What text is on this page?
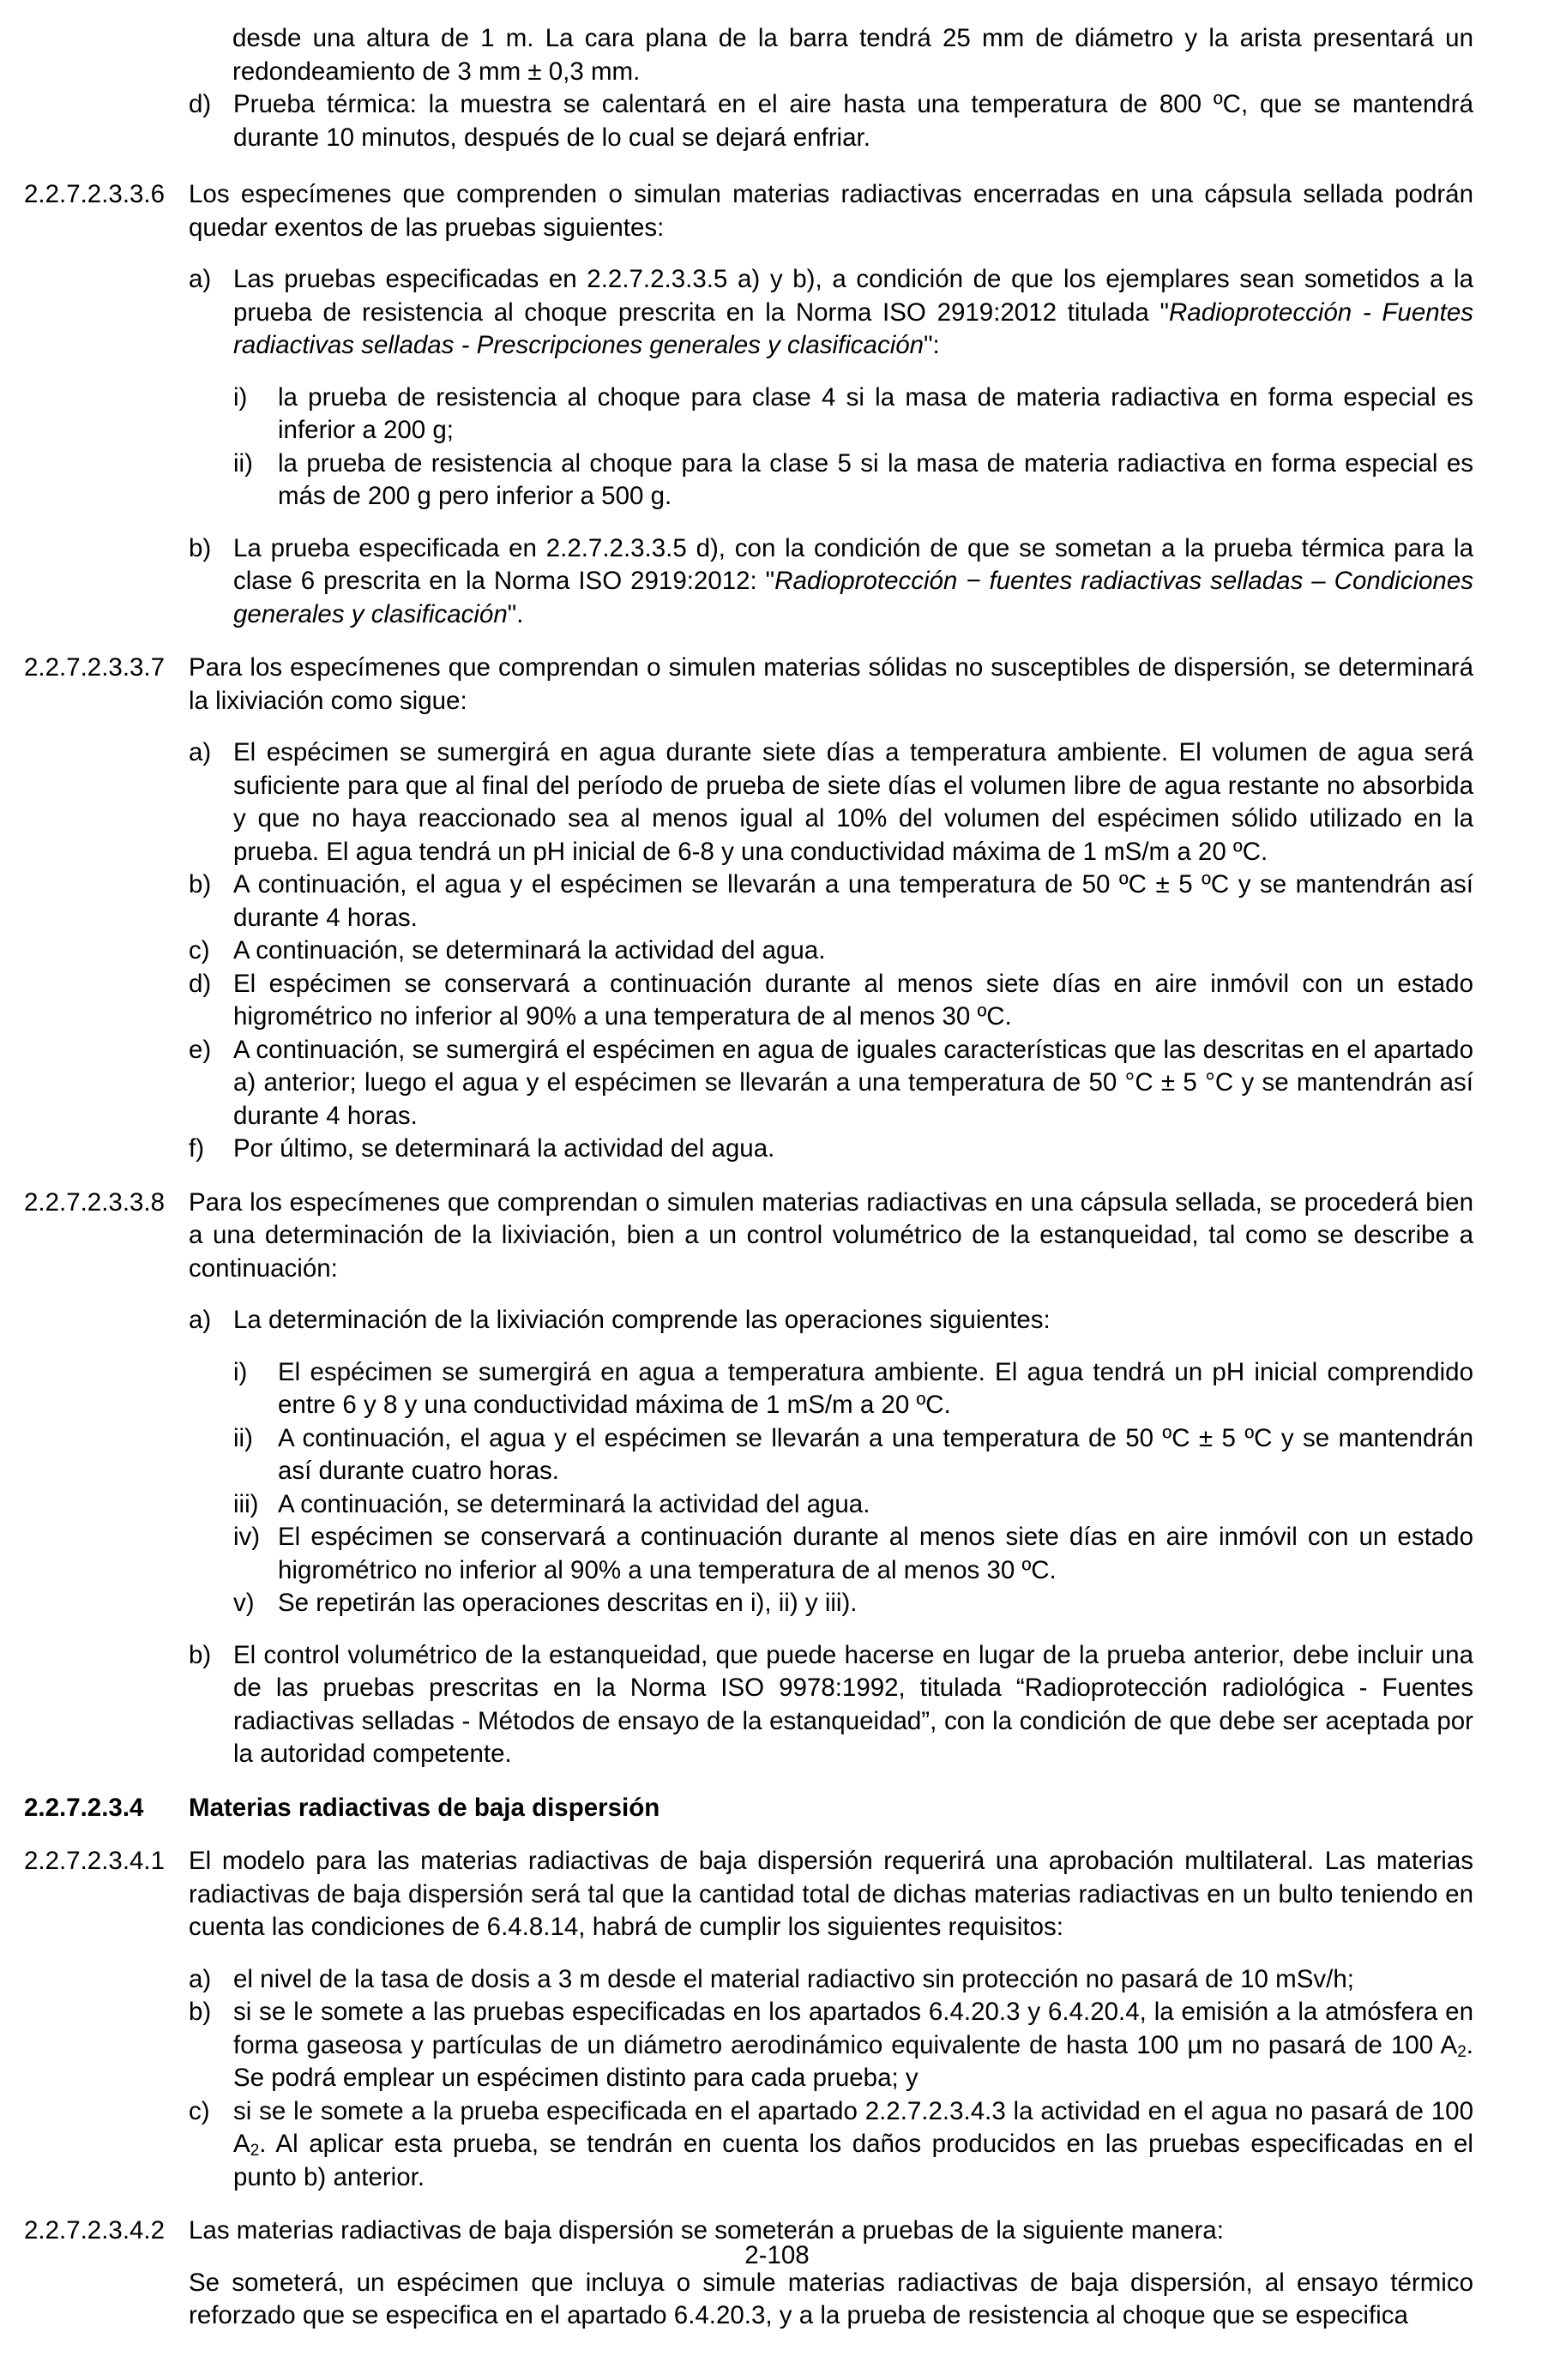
desde una altura de 1 m. La cara plana de la barra tendrá 25 mm de diámetro y la arista presentará un redondeamiento de 3 mm ± 0,3 mm.
d) Prueba térmica: la muestra se calentará en el aire hasta una temperatura de 800 ºC, que se mantendrá durante 10 minutos, después de lo cual se dejará enfriar.
2.2.7.2.3.3.6 Los especímenes que comprenden o simulan materias radiactivas encerradas en una cápsula sellada podrán quedar exentos de las pruebas siguientes:
a) Las pruebas especificadas en 2.2.7.2.3.3.5 a) y b), a condición de que los ejemplares sean sometidos a la prueba de resistencia al choque prescrita en la Norma ISO 2919:2012 titulada "Radioprotección - Fuentes radiactivas selladas - Prescripciones generales y clasificación":
i)	la prueba de resistencia al choque para clase 4 si la masa de materia radiactiva en forma especial es inferior a 200 g;
ii) la prueba de resistencia al choque para la clase 5 si la masa de materia radiactiva en forma especial es más de 200 g pero inferior a 500 g.
b) La prueba especificada en 2.2.7.2.3.3.5 d), con la condición de que se sometan a la prueba térmica para la clase 6 prescrita en la Norma ISO 2919:2012: "Radioprotección − fuentes radiactivas selladas – Condiciones generales y clasificación".
2.2.7.2.3.3.7 Para los especímenes que comprendan o simulen materias sólidas no susceptibles de dispersión, se determinará la lixiviación como sigue:
a) El espécimen se sumergirá en agua durante siete días a temperatura ambiente. El volumen de agua será suficiente para que al final del período de prueba de siete días el volumen libre de agua restante no absorbida y que no haya reaccionado sea al menos igual al 10% del volumen del espécimen sólido utilizado en la prueba. El agua tendrá un pH inicial de 6-8 y una conductividad máxima de 1 mS/m a 20 ºC.
b) A continuación, el agua y el espécimen se llevarán a una temperatura de 50 ºC ± 5 ºC y se mantendrán así durante 4 horas.
c) A continuación, se determinará la actividad del agua.
d) El espécimen se conservará a continuación durante al menos siete días en aire inmóvil con un estado higrométrico no inferior al 90% a una temperatura de al menos 30 ºC.
e) A continuación, se sumergirá el espécimen en agua de iguales características que las descritas en el apartado a) anterior; luego el agua y el espécimen se llevarán a una temperatura de 50 °C ± 5 °C y se mantendrán así durante 4 horas.
f)	Por último, se determinará la actividad del agua.
2.2.7.2.3.3.8 Para los especímenes que comprendan o simulen materias radiactivas en una cápsula sellada, se procederá bien a una determinación de la lixiviación, bien a un control volumétrico de la estanqueidad, tal como se describe a continuación:
a) La determinación de la lixiviación comprende las operaciones siguientes:
i)	El espécimen se sumergirá en agua a temperatura ambiente. El agua tendrá un pH inicial comprendido entre 6 y 8 y una conductividad máxima de 1 mS/m a 20 ºC.
ii) A continuación, el agua y el espécimen se llevarán a una temperatura de 50 ºC ± 5 ºC y se mantendrán así durante cuatro horas.
iii) A continuación, se determinará la actividad del agua.
iv) El espécimen se conservará a continuación durante al menos siete días en aire inmóvil con un estado higrométrico no inferior al 90% a una temperatura de al menos 30 ºC.
v) Se repetirán las operaciones descritas en i), ii) y iii).
b) El control volumétrico de la estanqueidad, que puede hacerse en lugar de la prueba anterior, debe incluir una de las pruebas prescritas en la Norma ISO 9978:1992, titulada “Radioprotección radiológica - Fuentes radiactivas selladas - Métodos de ensayo de la estanqueidad”, con la condición de que debe ser aceptada por la autoridad competente.
2.2.7.2.3.4	Materias radiactivas de baja dispersión
2.2.7.2.3.4.1 El modelo para las materias radiactivas de baja dispersión requerirá una aprobación multilateral. Las materias radiactivas de baja dispersión será tal que la cantidad total de dichas materias radiactivas en un bulto teniendo en cuenta las condiciones de 6.4.8.14, habrá de cumplir los siguientes requisitos:
a) el nivel de la tasa de dosis a 3 m desde el material radiactivo sin protección no pasará de 10 mSv/h;
b) si se le somete a las pruebas especificadas en los apartados 6.4.20.3 y 6.4.20.4, la emisión a la atmósfera en forma gaseosa y partículas de un diámetro aerodinámico equivalente de hasta 100 µm no pasará de 100 $A_2$. Se podrá emplear un espécimen distinto para cada prueba; y
c) si se le somete a la prueba especificada en el apartado 2.2.7.2.3.4.3 la actividad en el agua no pasará de 100 $A_2$. Al aplicar esta prueba, se tendrán en cuenta los daños producidos en las pruebas especificadas en el punto b) anterior.
2.2.7.2.3.4.2 Las materias radiactivas de baja dispersión se someterán a pruebas de la siguiente manera:
Se someterá, un espécimen que incluya o simule materias radiactivas de baja dispersión, al ensayo térmico reforzado que se especifica en el apartado 6.4.20.3, y a la prueba de resistencia al choque que se especifica
2-108
